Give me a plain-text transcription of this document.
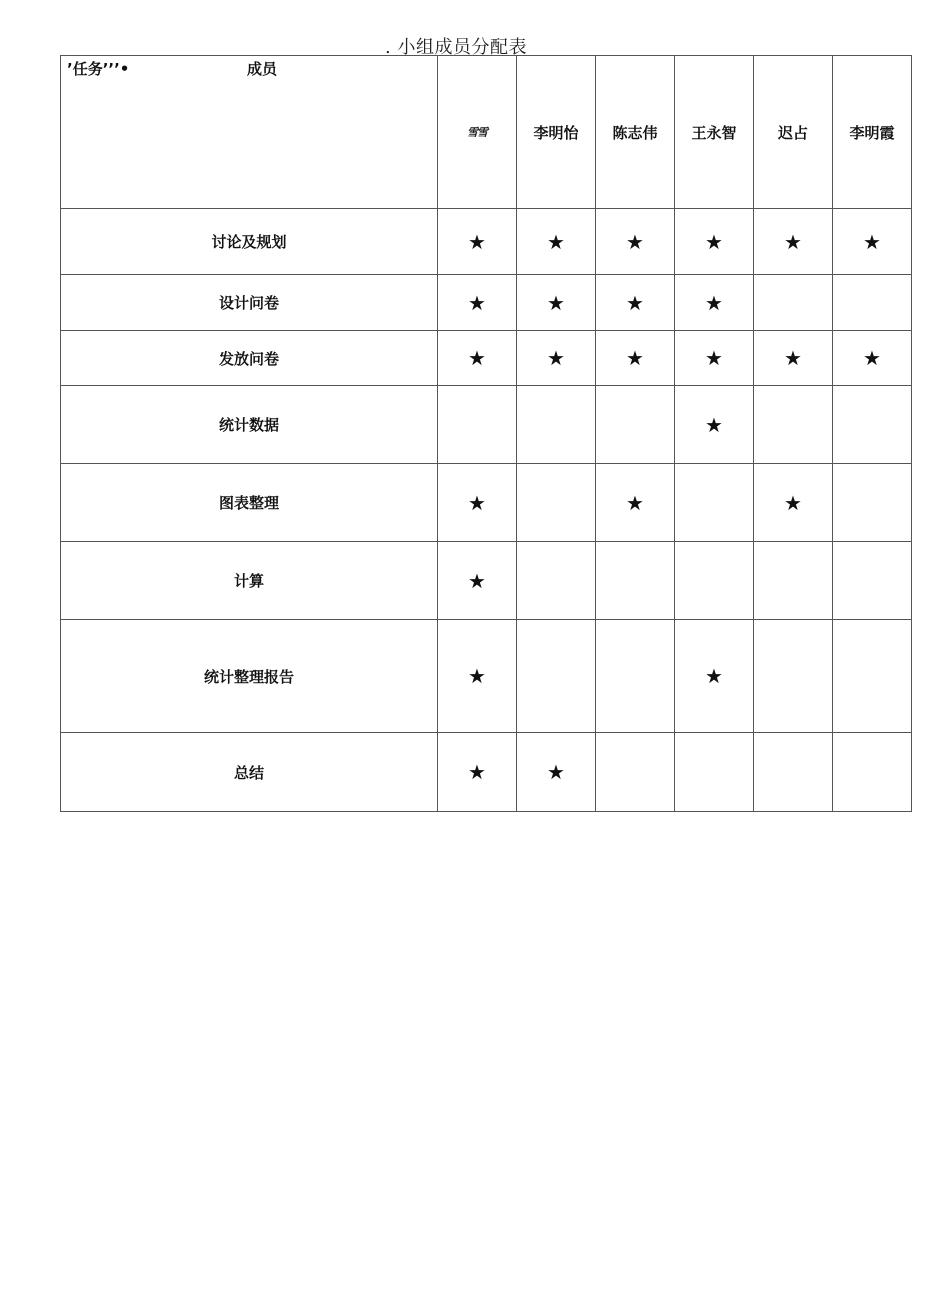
. 小组成员分配表
’任务’’’• 成员	雪雪	李明怡	陈志伟	王永智	迟占	李明霞
讨论及规划	★	★	★	★	★	★
设计问卷	★	★	★	★		
发放问卷	★	★	★	★	★	★
统计数据				★		
图表整理	★		★		★	
计算	★					
统计整理报告	★			★		
总结	★	★				
